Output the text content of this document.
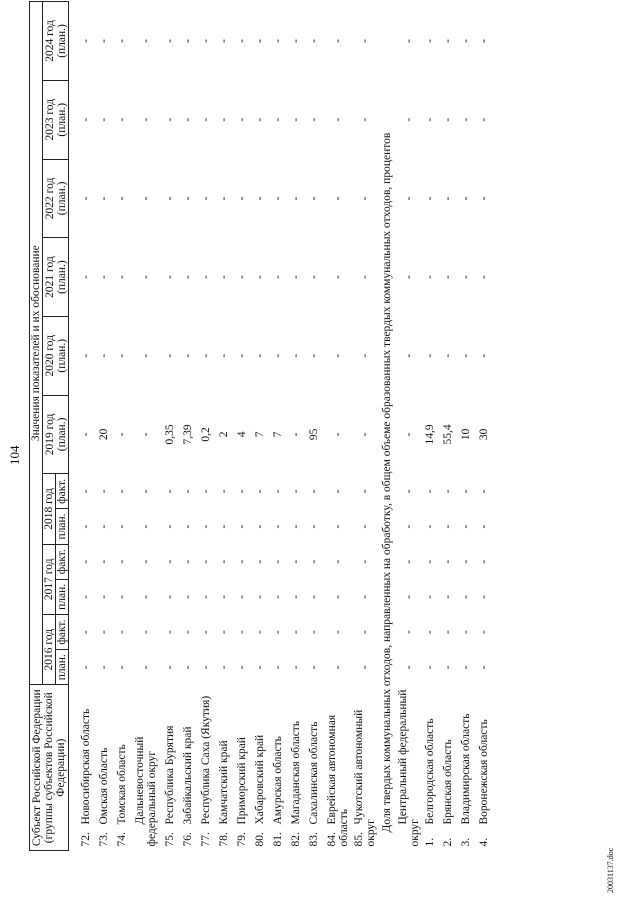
104
Субъект Российской Федерации (группы субъектов Российской Федерации)	Значения показателей и их обоснование											
	2016 год		2017 год		2018 год		2019 год (план.)	2020 год (план.)	2021 год (план.)	2022 год (план.)	2023 год (план.)	2024 год (план.)
	план.	факт.	план.	факт.	план.	факт.						
72.Новосибирская область	-	-	-	-	-	-	-	-	-	-	-	-
73.Омская область	-	-	-	-	-	-	20	-	-	-	-	-
74.Томская область	-	-	-	-	-	-	-	-	-	-	-	-
Дальневосточный федеральный округ	-	-	-	-	-	-	-	-	-	-	-	-
75.Республика Бурятия	-	-	-	-	-	-	0,35	-	-	-	-	-
76.Забайкальский край	-	-	-	-	-	-	7,39	-	-	-	-	-
77.Республика Саха (Якутия)	-	-	-	-	-	-	0,2	-	-	-	-	-
78.Камчатский край	-	-	-	-	-	-	2	-	-	-	-	-
79.Приморский край	-	-	-	-	-	-	4	-	-	-	-	-
80.Хабаровский край	-	-	-	-	-	-	7	-	-	-	-	-
81.Амурская область	-	-	-	-	-	-	7	-	-	-	-	-
82.Магаданская область	-	-	-	-	-	-	-	-	-	-	-	-
83.Сахалинская область	-	-	-	-	-	-	95	-	-	-	-	-
84.Еврейская автономная область	-	-	-	-	-	-	-	-	-	-	-	-
85.Чукотский автономный округ	-	-	-	-	-	-	-	-	-	-	-	-
Доля твердых коммунальных отходов, направленных на обработку, в общем объеме образованных твердых коммунальных отходов, процентов												
Центральный федеральный округ	-	-	-	-	-	-	-	-	-	-	-	-
1.Белгородская область	-	-	-	-	-	-	14,9	-	-	-	-	-
2.Брянская область	-	-	-	-	-	-	55,4	-	-	-	-	-
3.Владимирская область	-	-	-	-	-	-	10	-	-	-	-	-
4.Воронежская область	-	-	-	-	-	-	30	-	-	-	-	-
20031137.doc
